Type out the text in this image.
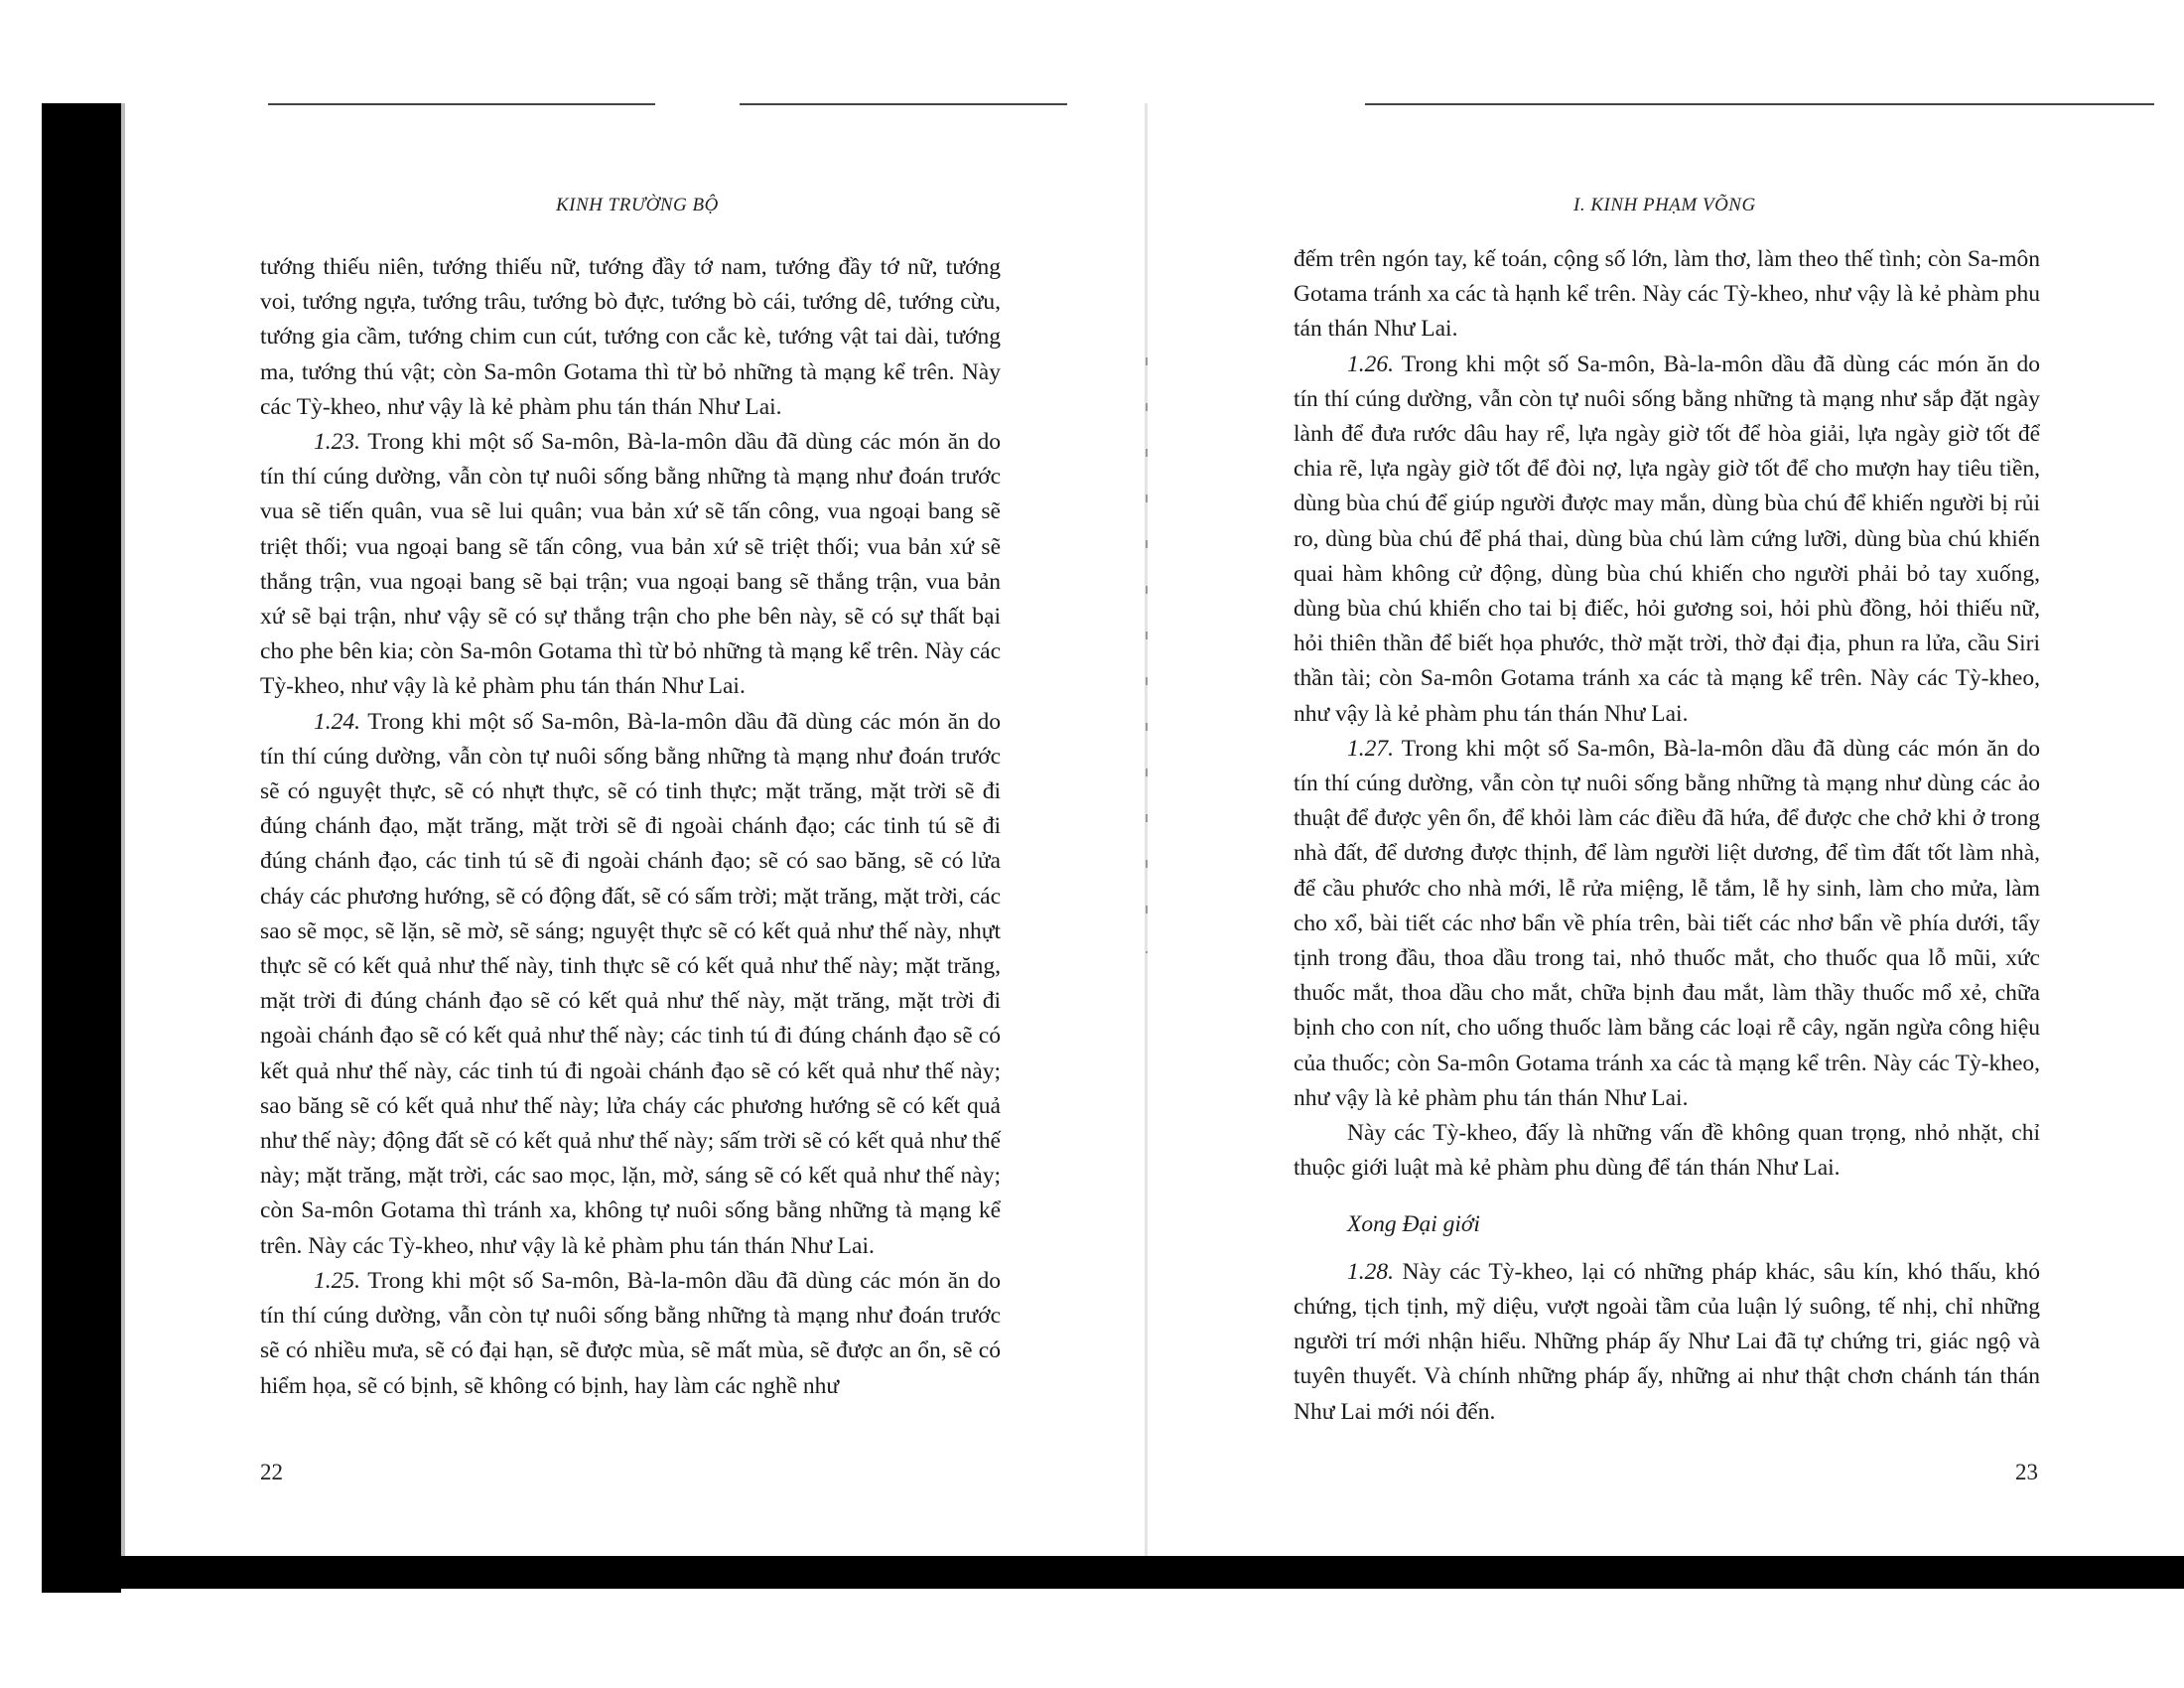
KINH TRƯỜNG BỘ

tướng thiếu niên, tướng thiếu nữ, tướng đầy tớ nam, tướng đầy tớ nữ, tướng voi, tướng ngựa, tướng trâu, tướng bò đực, tướng bò cái, tướng dê, tướng cừu, tướng gia cầm, tướng chim cun cút, tướng con cắc kè, tướng vật tai dài, tướng ma, tướng thú vật; còn Sa-môn Gotama thì từ bỏ những tà mạng kể trên. Này các Tỳ-kheo, như vậy là kẻ phàm phu tán thán Như Lai.

1.23. Trong khi một số Sa-môn, Bà-la-môn dầu đã dùng các món ăn do tín thí cúng dường, vẫn còn tự nuôi sống bằng những tà mạng như đoán trước vua sẽ tiến quân, vua sẽ lui quân; vua bản xứ sẽ tấn công, vua ngoại bang sẽ triệt thối; vua ngoại bang sẽ tấn công, vua bản xứ sẽ triệt thối; vua bản xứ sẽ thắng trận, vua ngoại bang sẽ bại trận; vua ngoại bang sẽ thắng trận, vua bản xứ sẽ bại trận, như vậy sẽ có sự thắng trận cho phe bên này, sẽ có sự thất bại cho phe bên kia; còn Sa-môn Gotama thì từ bỏ những tà mạng kể trên. Này các Tỳ-kheo, như vậy là kẻ phàm phu tán thán Như Lai.

1.24. Trong khi một số Sa-môn, Bà-la-môn dầu đã dùng các món ăn do tín thí cúng dường, vẫn còn tự nuôi sống bằng những tà mạng như đoán trước sẽ có nguyệt thực, sẽ có nhựt thực, sẽ có tinh thực; mặt trăng, mặt trời sẽ đi đúng chánh đạo, mặt trăng, mặt trời sẽ đi ngoài chánh đạo; các tinh tú sẽ đi đúng chánh đạo, các tinh tú sẽ đi ngoài chánh đạo; sẽ có sao băng, sẽ có lửa cháy các phương hướng, sẽ có động đất, sẽ có sấm trời; mặt trăng, mặt trời, các sao sẽ mọc, sẽ lặn, sẽ mờ, sẽ sáng; nguyệt thực sẽ có kết quả như thế này, nhựt thực sẽ có kết quả như thế này, tinh thực sẽ có kết quả như thế này; mặt trăng, mặt trời đi đúng chánh đạo sẽ có kết quả như thế này, mặt trăng, mặt trời đi ngoài chánh đạo sẽ có kết quả như thế này; các tinh tú đi đúng chánh đạo sẽ có kết quả như thế này, các tinh tú đi ngoài chánh đạo sẽ có kết quả như thế này; sao băng sẽ có kết quả như thế này; lửa cháy các phương hướng sẽ có kết quả như thế này; động đất sẽ có kết quả như thế này; sấm trời sẽ có kết quả như thế này; mặt trăng, mặt trời, các sao mọc, lặn, mờ, sáng sẽ có kết quả như thế này; còn Sa-môn Gotama thì tránh xa, không tự nuôi sống bằng những tà mạng kể trên. Này các Tỳ-kheo, như vậy là kẻ phàm phu tán thán Như Lai.

1.25. Trong khi một số Sa-môn, Bà-la-môn dầu đã dùng các món ăn do tín thí cúng dường, vẫn còn tự nuôi sống bằng những tà mạng như đoán trước sẽ có nhiều mưa, sẽ có đại hạn, sẽ được mùa, sẽ mất mùa, sẽ được an ổn, sẽ có hiểm họa, sẽ có bịnh, sẽ không có bịnh, hay làm các nghề như

22
I. KINH PHẠM VÕNG

đếm trên ngón tay, kế toán, cộng số lớn, làm thơ, làm theo thế tình; còn Sa-môn Gotama tránh xa các tà hạnh kể trên. Này các Tỳ-kheo, như vậy là kẻ phàm phu tán thán Như Lai.

1.26. Trong khi một số Sa-môn, Bà-la-môn dầu đã dùng các món ăn do tín thí cúng dường, vẫn còn tự nuôi sống bằng những tà mạng như sắp đặt ngày lành để đưa rước dâu hay rể, lựa ngày giờ tốt để hòa giải, lựa ngày giờ tốt để chia rẽ, lựa ngày giờ tốt để đòi nợ, lựa ngày giờ tốt để cho mượn hay tiêu tiền, dùng bùa chú để giúp người được may mắn, dùng bùa chú để khiến người bị rủi ro, dùng bùa chú để phá thai, dùng bùa chú làm cứng lưỡi, dùng bùa chú khiến quai hàm không cử động, dùng bùa chú khiến cho người phải bỏ tay xuống, dùng bùa chú khiến cho tai bị điếc, hỏi gương soi, hỏi phù đồng, hỏi thiếu nữ, hỏi thiên thần để biết họa phước, thờ mặt trời, thờ đại địa, phun ra lửa, cầu Siri thần tài; còn Sa-môn Gotama tránh xa các tà mạng kể trên. Này các Tỳ-kheo, như vậy là kẻ phàm phu tán thán Như Lai.

1.27. Trong khi một số Sa-môn, Bà-la-môn dầu đã dùng các món ăn do tín thí cúng dường, vẫn còn tự nuôi sống bằng những tà mạng như dùng các ảo thuật để được yên ổn, để khỏi làm các điều đã hứa, để được che chở khi ở trong nhà đất, để dương được thịnh, để làm người liệt dương, để tìm đất tốt làm nhà, để cầu phước cho nhà mới, lễ rửa miệng, lễ tắm, lễ hy sinh, làm cho mửa, làm cho xổ, bài tiết các nhơ bẩn về phía trên, bài tiết các nhơ bẩn về phía dưới, tẩy tịnh trong đầu, thoa dầu trong tai, nhỏ thuốc mắt, cho thuốc qua lỗ mũi, xức thuốc mắt, thoa dầu cho mắt, chữa bịnh đau mắt, làm thầy thuốc mổ xẻ, chữa bịnh cho con nít, cho uống thuốc làm bằng các loại rễ cây, ngăn ngừa công hiệu của thuốc; còn Sa-môn Gotama tránh xa các tà mạng kể trên. Này các Tỳ-kheo, như vậy là kẻ phàm phu tán thán Như Lai.

Này các Tỳ-kheo, đấy là những vấn đề không quan trọng, nhỏ nhặt, chỉ thuộc giới luật mà kẻ phàm phu dùng để tán thán Như Lai.

Xong Đại giới

1.28. Này các Tỳ-kheo, lại có những pháp khác, sâu kín, khó thấu, khó chứng, tịch tịnh, mỹ diệu, vượt ngoài tầm của luận lý suông, tế nhị, chỉ những người trí mới nhận hiểu. Những pháp ấy Như Lai đã tự chứng tri, giác ngộ và tuyên thuyết. Và chính những pháp ấy, những ai như thật chơn chánh tán thán Như Lai mới nói đến.

23
